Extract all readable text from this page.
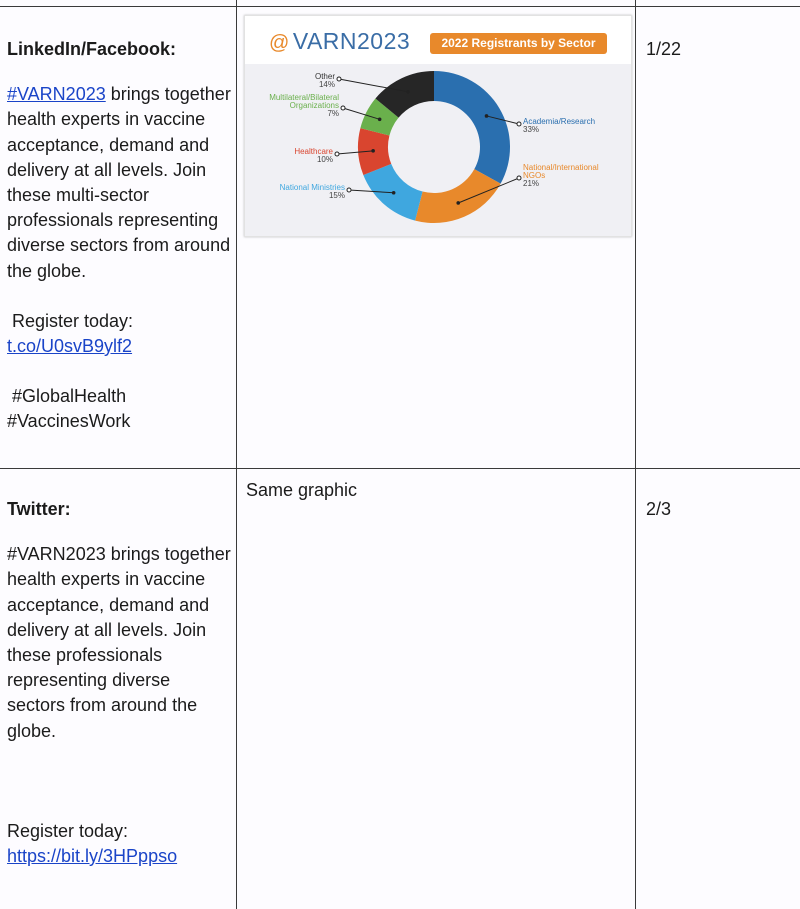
LinkedIn/Facebook:

#VARN2023 brings together health experts in vaccine acceptance, demand and delivery at all levels. Join these multi-sector professionals representing diverse sectors from around the globe.

Register today:
t.co/U0svB9ylf2
#GlobalHealth
#VaccinesWork
@ VARN2023	2022 Registrants by Sector
Academia/Research 33%
National/International NGOs 21%
National Ministries 15%
Healthcare 10%
Multilateral/Bilateral Organizations 7%
Other 14%
1/22
Twitter:

#VARN2023 brings together health experts in vaccine acceptance, demand and delivery at all levels. Join these professionals representing diverse sectors from around the globe.

Register today:
https://bit.ly/3HPppso
Same graphic
2/3
